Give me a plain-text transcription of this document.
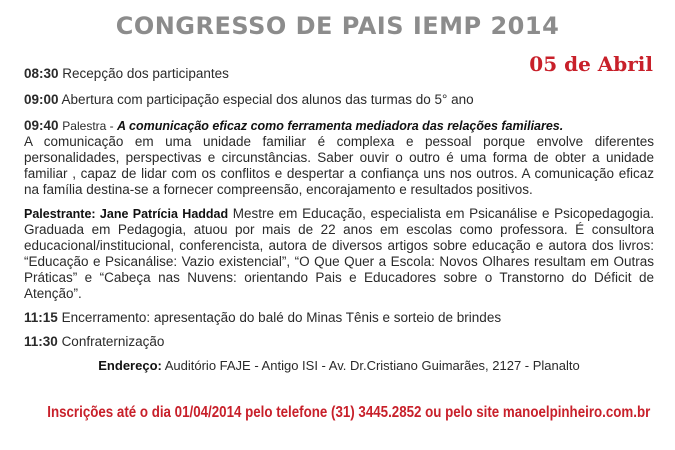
CONGRESSO DE PAIS IEMP 2014
05 de Abril
08:30 Recepção dos participantes
09:00 Abertura com participação especial dos alunos das turmas do 5° ano
09:40 Palestra - A comunicação eficaz como ferramenta mediadora das relações familiares.
A comunicação em uma unidade familiar é complexa e pessoal porque envolve diferentes personalidades, perspectivas e circunstâncias. Saber ouvir o outro é uma forma de obter a unidade familiar , capaz de lidar com os conflitos e despertar a confiança uns nos outros. A comunicação eficaz na família destina-se a fornecer compreensão, encorajamento e resultados positivos.
Palestrante: Jane Patrícia Haddad Mestre em Educação, especialista em Psicanálise e Psicopedagogia. Graduada em Pedagogia, atuou por mais de 22 anos em escolas como professora. É consultora educacional/institucional, conferencista, autora de diversos artigos sobre educação e autora dos livros: “Educação e Psicanálise: Vazio existencial”, “O Que Quer a Escola: Novos Olhares resultam em Outras Práticas” e “Cabeça nas Nuvens: orientando Pais e Educadores sobre o Transtorno do Déficit de Atenção”.
11:15 Encerramento: apresentação do balé do Minas Tênis e sorteio de brindes
11:30 Confraternização
Endereço: Auditório FAJE - Antigo ISI - Av. Dr.Cristiano Guimarães, 2127 - Planalto
Inscrições até o dia 01/04/2014 pelo telefone (31) 3445.2852 ou pelo site manoelpinheiro.com.br
